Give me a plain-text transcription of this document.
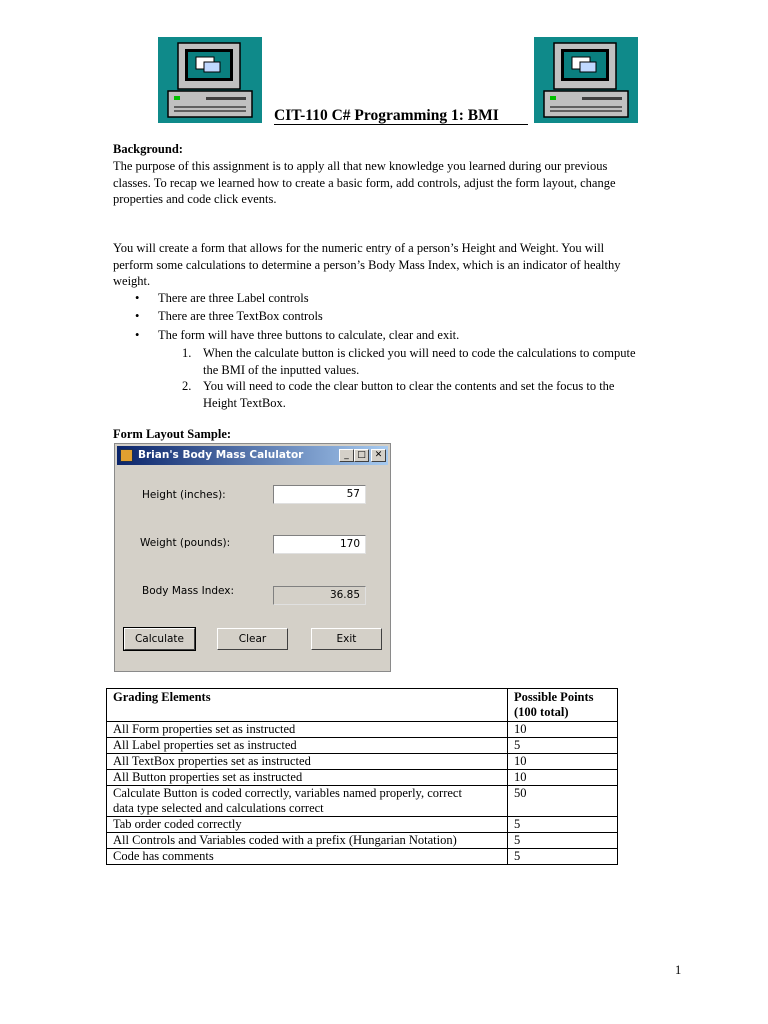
CIT-110 C# Programming 1: BMI
Background:
The purpose of this assignment is to apply all that new knowledge you learned during our previous
classes. To recap we learned how to create a basic form, add controls, adjust the form layout, change
properties and code click events.
You will create a form that allows for the numeric entry of a person’s Height and Weight. You will
perform some calculations to determine a person’s Body Mass Index, which is an indicator of healthy
weight.
• There are three Label controls
• There are three TextBox controls
• The form will have three buttons to calculate, clear and exit.
1. When the calculate button is clicked you will need to code the calculations to compute
the BMI of the inputted values.
2. You will need to code the clear button to clear the contents and set the focus to the
Height TextBox.
Form Layout Sample:
Brian's Body Mass Calulator	_ □ ✕
Height (inches):	57
Weight (pounds):	170
Body Mass Index:	36.85
Calculate	Clear	Exit
Grading Elements	Possible Points
(100 total)

All Form properties set as instructed	10
All Label properties set as instructed	5
All TextBox properties set as instructed	10
All Button properties set as instructed	10

Calculate Button is coded correctly, variables named properly, correct
data type selected and calculations correct	50
Tab order coded correctly	5
All Controls and Variables coded with a prefix (Hungarian Notation)	5
Code has comments	5
1
